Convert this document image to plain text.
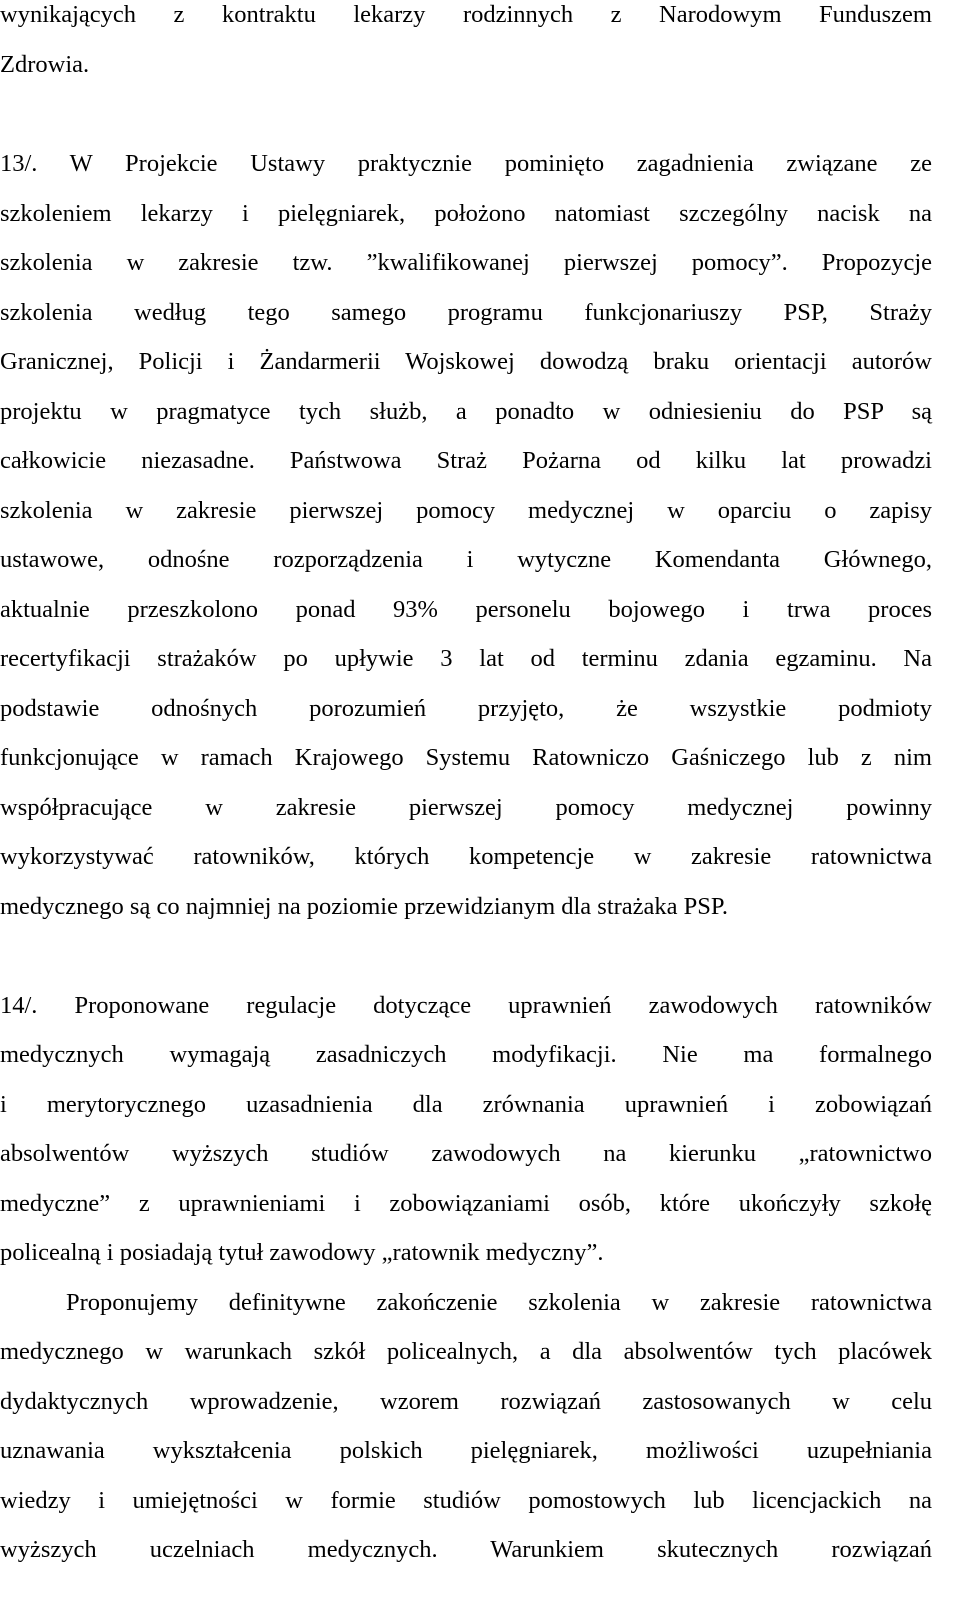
wynikających z kontraktu lekarzy rodzinnych z Narodowym Funduszem
Zdrowia.
13/. W Projekcie Ustawy praktycznie pominięto zagadnienia związane ze
szkoleniem lekarzy i pielęgniarek, położono natomiast szczególny nacisk na
szkolenia w zakresie tzw. ”kwalifikowanej pierwszej pomocy”. Propozycje
szkolenia według tego samego programu funkcjonariuszy PSP, Straży
Granicznej, Policji i Żandarmerii Wojskowej dowodzą braku orientacji autorów
projektu w pragmatyce tych służb, a ponadto w odniesieniu do PSP są
całkowicie niezasadne. Państwowa Straż Pożarna od kilku lat prowadzi
szkolenia w zakresie pierwszej pomocy medycznej w oparciu o zapisy
ustawowe, odnośne rozporządzenia i wytyczne Komendanta Głównego,
aktualnie przeszkolono ponad 93% personelu bojowego i trwa proces
recertyfikacji strażaków po upływie 3 lat od terminu zdania egzaminu. Na
podstawie odnośnych porozumień przyjęto, że wszystkie podmioty
funkcjonujące w ramach Krajowego Systemu Ratowniczo Gaśniczego lub z nim
współpracujące w zakresie pierwszej pomocy medycznej powinny
wykorzystywać ratowników, których kompetencje w zakresie ratownictwa
medycznego są co najmniej na poziomie przewidzianym dla strażaka PSP.
14/. Proponowane regulacje dotyczące uprawnień zawodowych ratowników
medycznych wymagają zasadniczych modyfikacji. Nie ma formalnego
i merytorycznego uzasadnienia dla zrównania uprawnień i zobowiązań
absolwentów wyższych studiów zawodowych na kierunku „ratownictwo
medyczne” z uprawnieniami i zobowiązaniami osób, które ukończyły szkołę
policealną i posiadają tytuł zawodowy „ratownik medyczny”.
Proponujemy definitywne zakończenie szkolenia w zakresie ratownictwa
medycznego w warunkach szkół policealnych, a dla absolwentów tych placówek
dydaktycznych wprowadzenie, wzorem rozwiązań zastosowanych w celu
uznawania wykształcenia polskich pielęgniarek, możliwości uzupełniania
wiedzy i umiejętności w formie studiów pomostowych lub licencjackich na
wyższych uczelniach medycznych. Warunkiem skutecznych rozwiązań
